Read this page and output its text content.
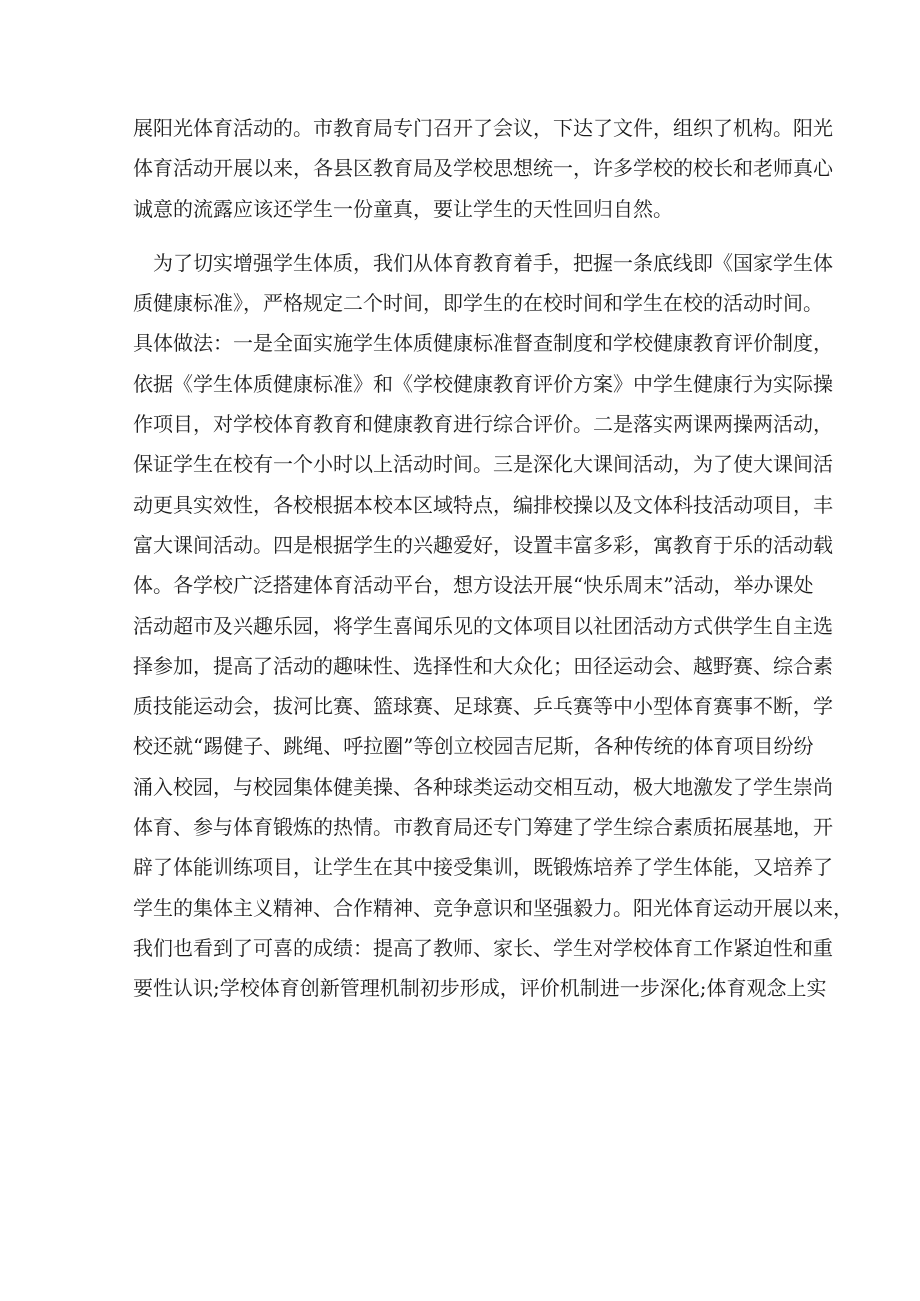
展阳光体育活动的。市教育局专门召开了会议，下达了文件，组织了机构。阳光
体育活动开展以来，各县区教育局及学校思想统一，许多学校的校长和老师真心
诚意的流露应该还学生一份童真，要让学生的天性回归自然。
为了切实增强学生体质，我们从体育教育着手，把握一条底线即《国家学生体
质健康标准》，严格规定二个时间，即学生的在校时间和学生在校的活动时间。
具体做法：一是全面实施学生体质健康标准督查制度和学校健康教育评价制度，
依据《学生体质健康标准》和《学校健康教育评价方案》中学生健康行为实际操
作项目，对学校体育教育和健康教育进行综合评价。二是落实两课两操两活动，
保证学生在校有一个小时以上活动时间。三是深化大课间活动，为了使大课间活
动更具实效性，各校根据本校本区域特点，编排校操以及文体科技活动项目，丰
富大课间活动。四是根据学生的兴趣爱好，设置丰富多彩，寓教育于乐的活动载
体。各学校广泛搭建体育活动平台，想方设法开展“快乐周末”活动，举办课处
活动超市及兴趣乐园，将学生喜闻乐见的文体项目以社团活动方式供学生自主选
择参加，提高了活动的趣味性、选择性和大众化；田径运动会、越野赛、综合素
质技能运动会，拔河比赛、篮球赛、足球赛、乒乓赛等中小型体育赛事不断，学
校还就“踢健子、跳绳、呼拉圈”等创立校园吉尼斯，各种传统的体育项目纷纷
涌入校园，与校园集体健美操、各种球类运动交相互动，极大地激发了学生崇尚
体育、参与体育锻炼的热情。市教育局还专门筹建了学生综合素质拓展基地，开
辟了体能训练项目，让学生在其中接受集训，既锻炼培养了学生体能，又培养了
学生的集体主义精神、合作精神、竞争意识和坚强毅力。阳光体育运动开展以来，
我们也看到了可喜的成绩：提高了教师、家长、学生对学校体育工作紧迫性和重
要性认识;学校体育创新管理机制初步形成，评价机制进一步深化;体育观念上实
